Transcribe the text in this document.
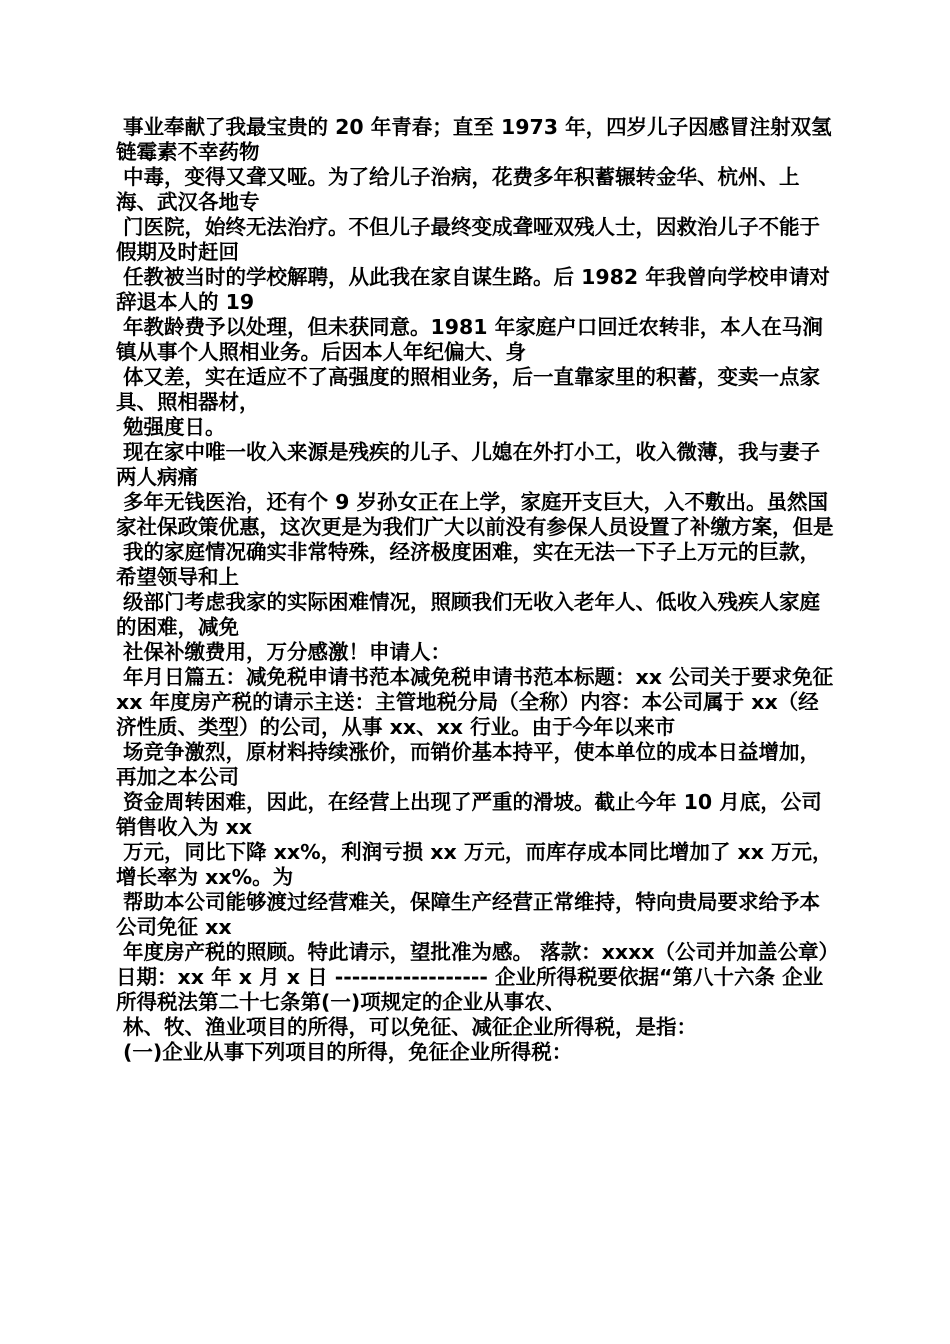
事业奉献了我最宝贵的 20 年青春；直至 1973 年，四岁儿子因感冒注射双氢链霉素不幸药物

中毒，变得又聋又哑。为了给儿子治病，花费多年积蓄辗转金华、杭州、上海、武汉各地专

门医院，始终无法治疗。不但儿子最终变成聋哑双残人士，因救治儿子不能于假期及时赶回

任教被当时的学校解聘，从此我在家自谋生路。后 1982 年我曾向学校申请对辞退本人的 19

年教龄费予以处理，但未获同意。1981 年家庭户口回迁农转非，本人在马涧镇从事个人照相业务。后因本人年纪偏大、身

体又差，实在适应不了高强度的照相业务，后一直靠家里的积蓄，变卖一点家具、照相器材，

勉强度日。

现在家中唯一收入来源是残疾的儿子、儿媳在外打小工，收入微薄，我与妻子两人病痛

多年无钱医治，还有个 9 岁孙女正在上学，家庭开支巨大，入不敷出。虽然国家社保政策优惠，这次更是为我们广大以前没有参保人员设置了补缴方案，但是

我的家庭情况确实非常特殊，经济极度困难，实在无法一下子上万元的巨款，希望领导和上

级部门考虑我家的实际困难情况，照顾我们无收入老年人、低收入残疾人家庭的困难，减免

社保补缴费用，万分感激！申请人：

年月日篇五：减免税申请书范本减免税申请书范本标题：xx 公司关于要求免征 xx 年度房产税的请示主送：主管地税分局（全称）内容：本公司属于 xx（经济性质、类型）的公司，从事 xx、xx 行业。由于今年以来市

场竞争激烈，原材料持续涨价，而销价基本持平，使本单位的成本日益增加，再加之本公司

资金周转困难，因此，在经营上出现了严重的滑坡。截止今年 10 月底，公司销售收入为 xx

万元，同比下降 xx%，利润亏损 xx 万元，而库存成本同比增加了 xx 万元，增长率为 xx%。为

帮助本公司能够渡过经营难关，保障生产经营正常维持，特向贵局要求给予本公司免征 xx

年度房产税的照顾。特此请示，望批准为感。 落款：xxxx（公司并加盖公章）日期：xx 年 x 月 x 日 ------------------ 企业所得税要依据“第八十六条 企业所得税法第二十七条第(一)项规定的企业从事农、

林、牧、渔业项目的所得，可以免征、减征企业所得税，是指：

(一)企业从事下列项目的所得，免征企业所得税：
